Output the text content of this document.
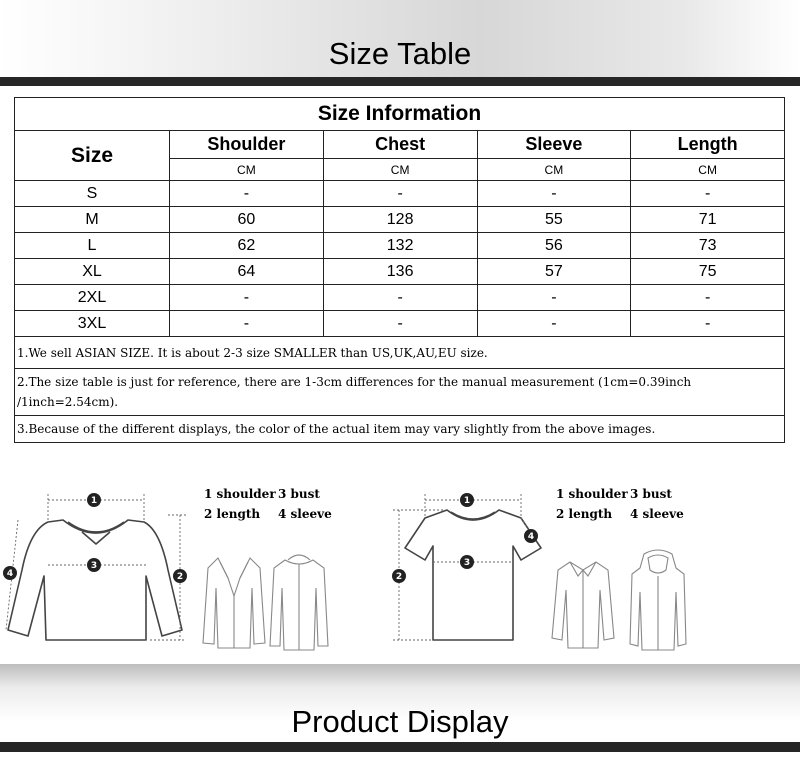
Size Table
Size Information				
Size	Shoulder	Chest	Sleeve	Length
	CM	CM	CM	CM
S	-	-	-	-
M	60	128	55	71
L	62	132	56	73
XL	64	136	57	75
2XL	-	-	-	-
3XL	-	-	-	-
1.We sell ASIAN SIZE. It is about 2-3 size SMALLER than US,UK,AU,EU size.				
2.The size table is just for reference, there are 1-3cm differences for the manual measurement (1cm=0.39inch /1inch=2.54cm).				
3.Because of the different displays, the color of the actual item may vary slightly from the above images.				
1
3
2
4
1 shoulder 3 bust
2 length 4 sleeve
1
3
2
4
1 shoulder 3 bust
2 length 4 sleeve
Product Display
